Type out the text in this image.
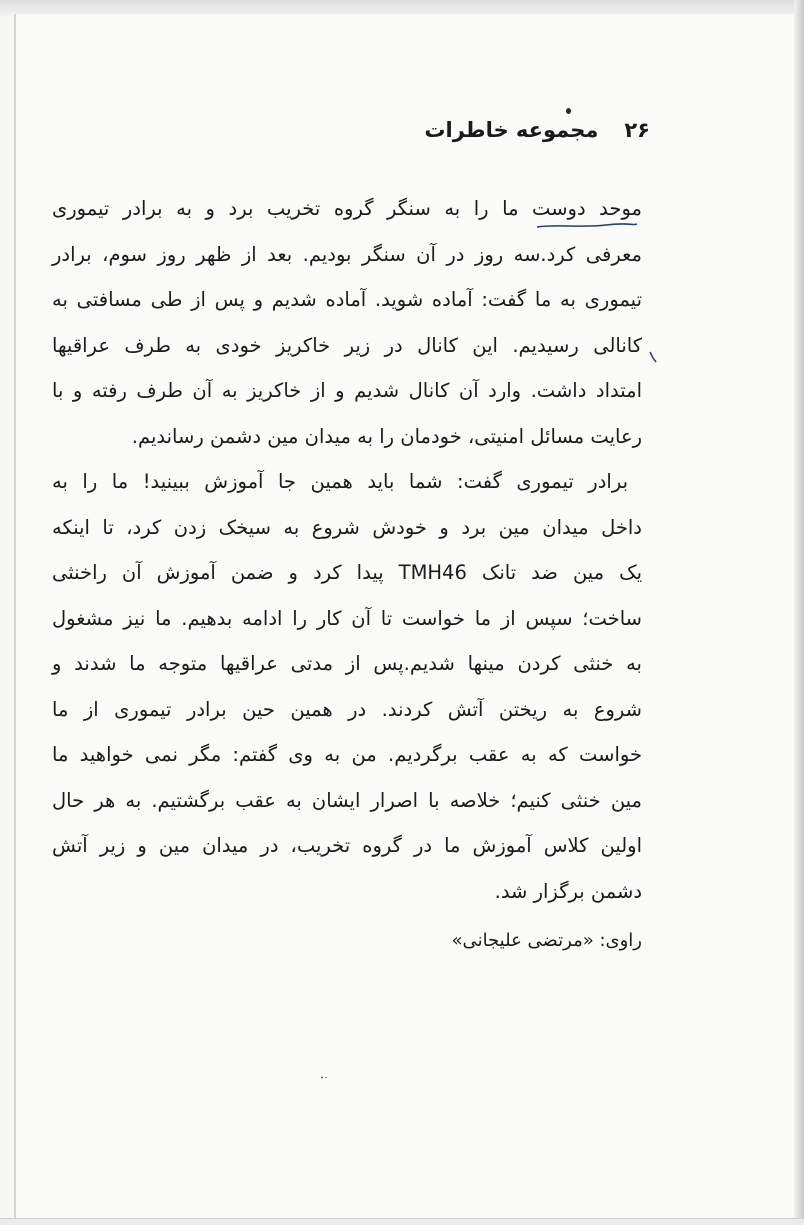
۲۶مجموعه خاطرات
موحد دوست ما را به سنگر گروه تخریب برد و به برادر تیموری
معرفی کرد.سه روز در آن سنگر بودیم. بعد از ظهر روز سوم، برادر
تیموری به ما گفت: آماده شوید. آماده شدیم و پس از طی مسافتی به
کانالی رسیدیم. این کانال در زیر خاکریز خودی به طرف عراقیها
امتداد داشت. وارد آن کانال شدیم و از خاکریز به آن طرف رفته و با
رعایت مسائل امنیتی، خودمان را به میدان مین دشمن رساندیم.
برادر تیموری گفت: شما باید همین جا آموزش ببینید! ما را به
داخل میدان مین برد و خودش شروع به سیخک زدن کرد، تا اینکه
یک مین ضد تانک TMH46 پیدا کرد و ضمن آموزش آن راخنثی
ساخت؛ سپس از ما خواست تا آن کار را ادامه بدهیم. ما نیز مشغول
به خنثی کردن مینها شدیم.پس از مدتی عراقیها متوجه ما شدند و
شروع به ریختن آتش کردند. در همین حین برادر تیموری از ما
خواست که به عقب برگردیم. من به وی گفتم: مگر نمی خواهید ما
مین خنثی کنیم؛ خلاصه با اصرار ایشان به عقب برگشتیم. به هر حال
اولین کلاس آموزش ما در گروه تخریب، در میدان مین و زیر آتش
دشمن برگزار شد.
راوی: «مرتضی علیجانی»
